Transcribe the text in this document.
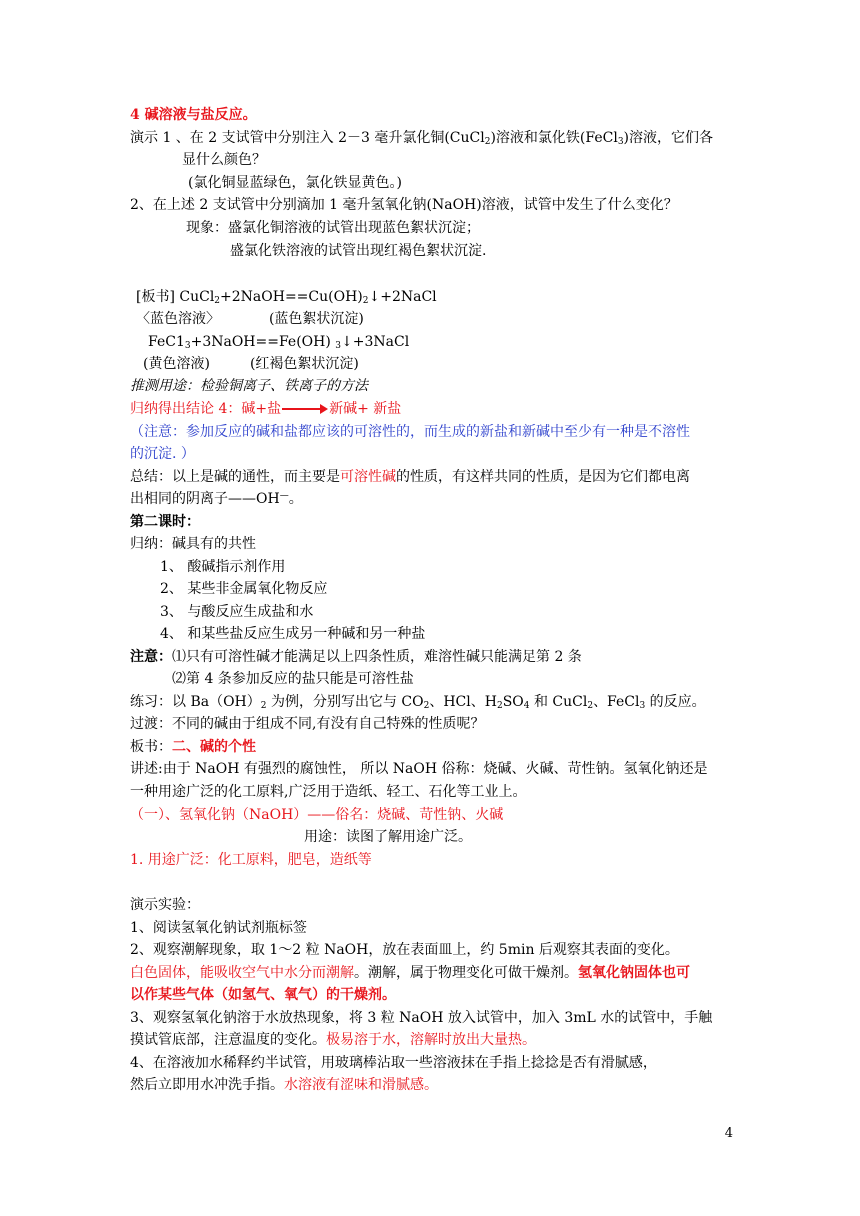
4 碱溶液与盐反应。
演示 1 、在 2 支试管中分别注入 2－3 毫升氯化铜(CuCl$_2$)溶液和氯化铁(FeCl$_3$)溶液，它们各
显什么颜色？
(氯化铜显蓝绿色，氯化铁显黄色。)
2、在上述 2 支试管中分别滴加 1 毫升氢氧化钠(NaOH)溶液，试管中发生了什么变化？
现象：盛氯化铜溶液的试管出现蓝色絮状沉淀；
盛氯化铁溶液的试管出现红褐色絮状沉淀.
[板书] $CuCl_2+2NaOH==Cu(OH)_2↓+2NaCl$
〈蓝色溶液〉           (蓝色絮状沉淀)
$FeC1_3+3NaOH==Fe(OH)$ $_3$↓+3NaCl
(黄色溶液)         (红褐色絮状沉淀)
推测用途：检验铜离子、铁离子的方法
归纳得出结论 4：碱+盐	新碱+ 新盐
（注意：参加反应的碱和盐都应该的可溶性的，而生成的新盐和新碱中至少有一种是不溶性
的沉淀. ）
总结：以上是碱的通性，而主要是可溶性碱的性质，有这样共同的性质，是因为它们都电离
出相同的阴离子——OH—。
第二课时：
归纳：碱具有的共性
1、 酸碱指示剂作用
2、 某些非金属氧化物反应
3、 与酸反应生成盐和水
4、 和某些盐反应生成另一种碱和另一种盐
注意：⑴只有可溶性碱才能满足以上四条性质，难溶性碱只能满足第 2 条
⑵第 4 条参加反应的盐只能是可溶性盐
练习：以 $Ba(OH)_2$ 为例，分别写出它与 $CO_2$、HCl、$H_2SO_4$ 和 CuCl$_2$、FeCl$_3$ 的反应。
过渡：不同的碱由于组成不同,有没有自己特殊的性质呢？
板书：二、碱的个性
讲述:由于 NaOH 有强烈的腐蚀性， 所以 NaOH 俗称：烧碱、火碱、苛性钠。氢氧化钠还是
一种用途广泛的化工原料,广泛用于造纸、轻工、石化等工业上。
（一）、氢氧化钠（NaOH）——俗名：烧碱、苛性钠、火碱
用途：读图了解用途广泛。
1. 用途广泛：化工原料，肥皂，造纸等
演示实验：
1、阅读氢氧化钠试剂瓶标签
2、观察潮解现象，取 1～2 粒 NaOH，放在表面皿上，约 5min 后观察其表面的变化。
白色固体，能吸收空气中水分而潮解。潮解，属于物理变化可做干燥剂。氢氧化钠固体也可
以作某些气体（如氢气、氧气）的干燥剂。
3、观察氢氧化钠溶于水放热现象，将 3 粒 NaOH 放入试管中，加入 3mL 水的试管中，手触
摸试管底部，注意温度的变化。极易溶于水，溶解时放出大量热。
4、在溶液加水稀释约半试管，用玻璃棒沾取一些溶液抹在手指上捻捻是否有滑腻感，
然后立即用水冲洗手指。水溶液有涩味和滑腻感。
4
